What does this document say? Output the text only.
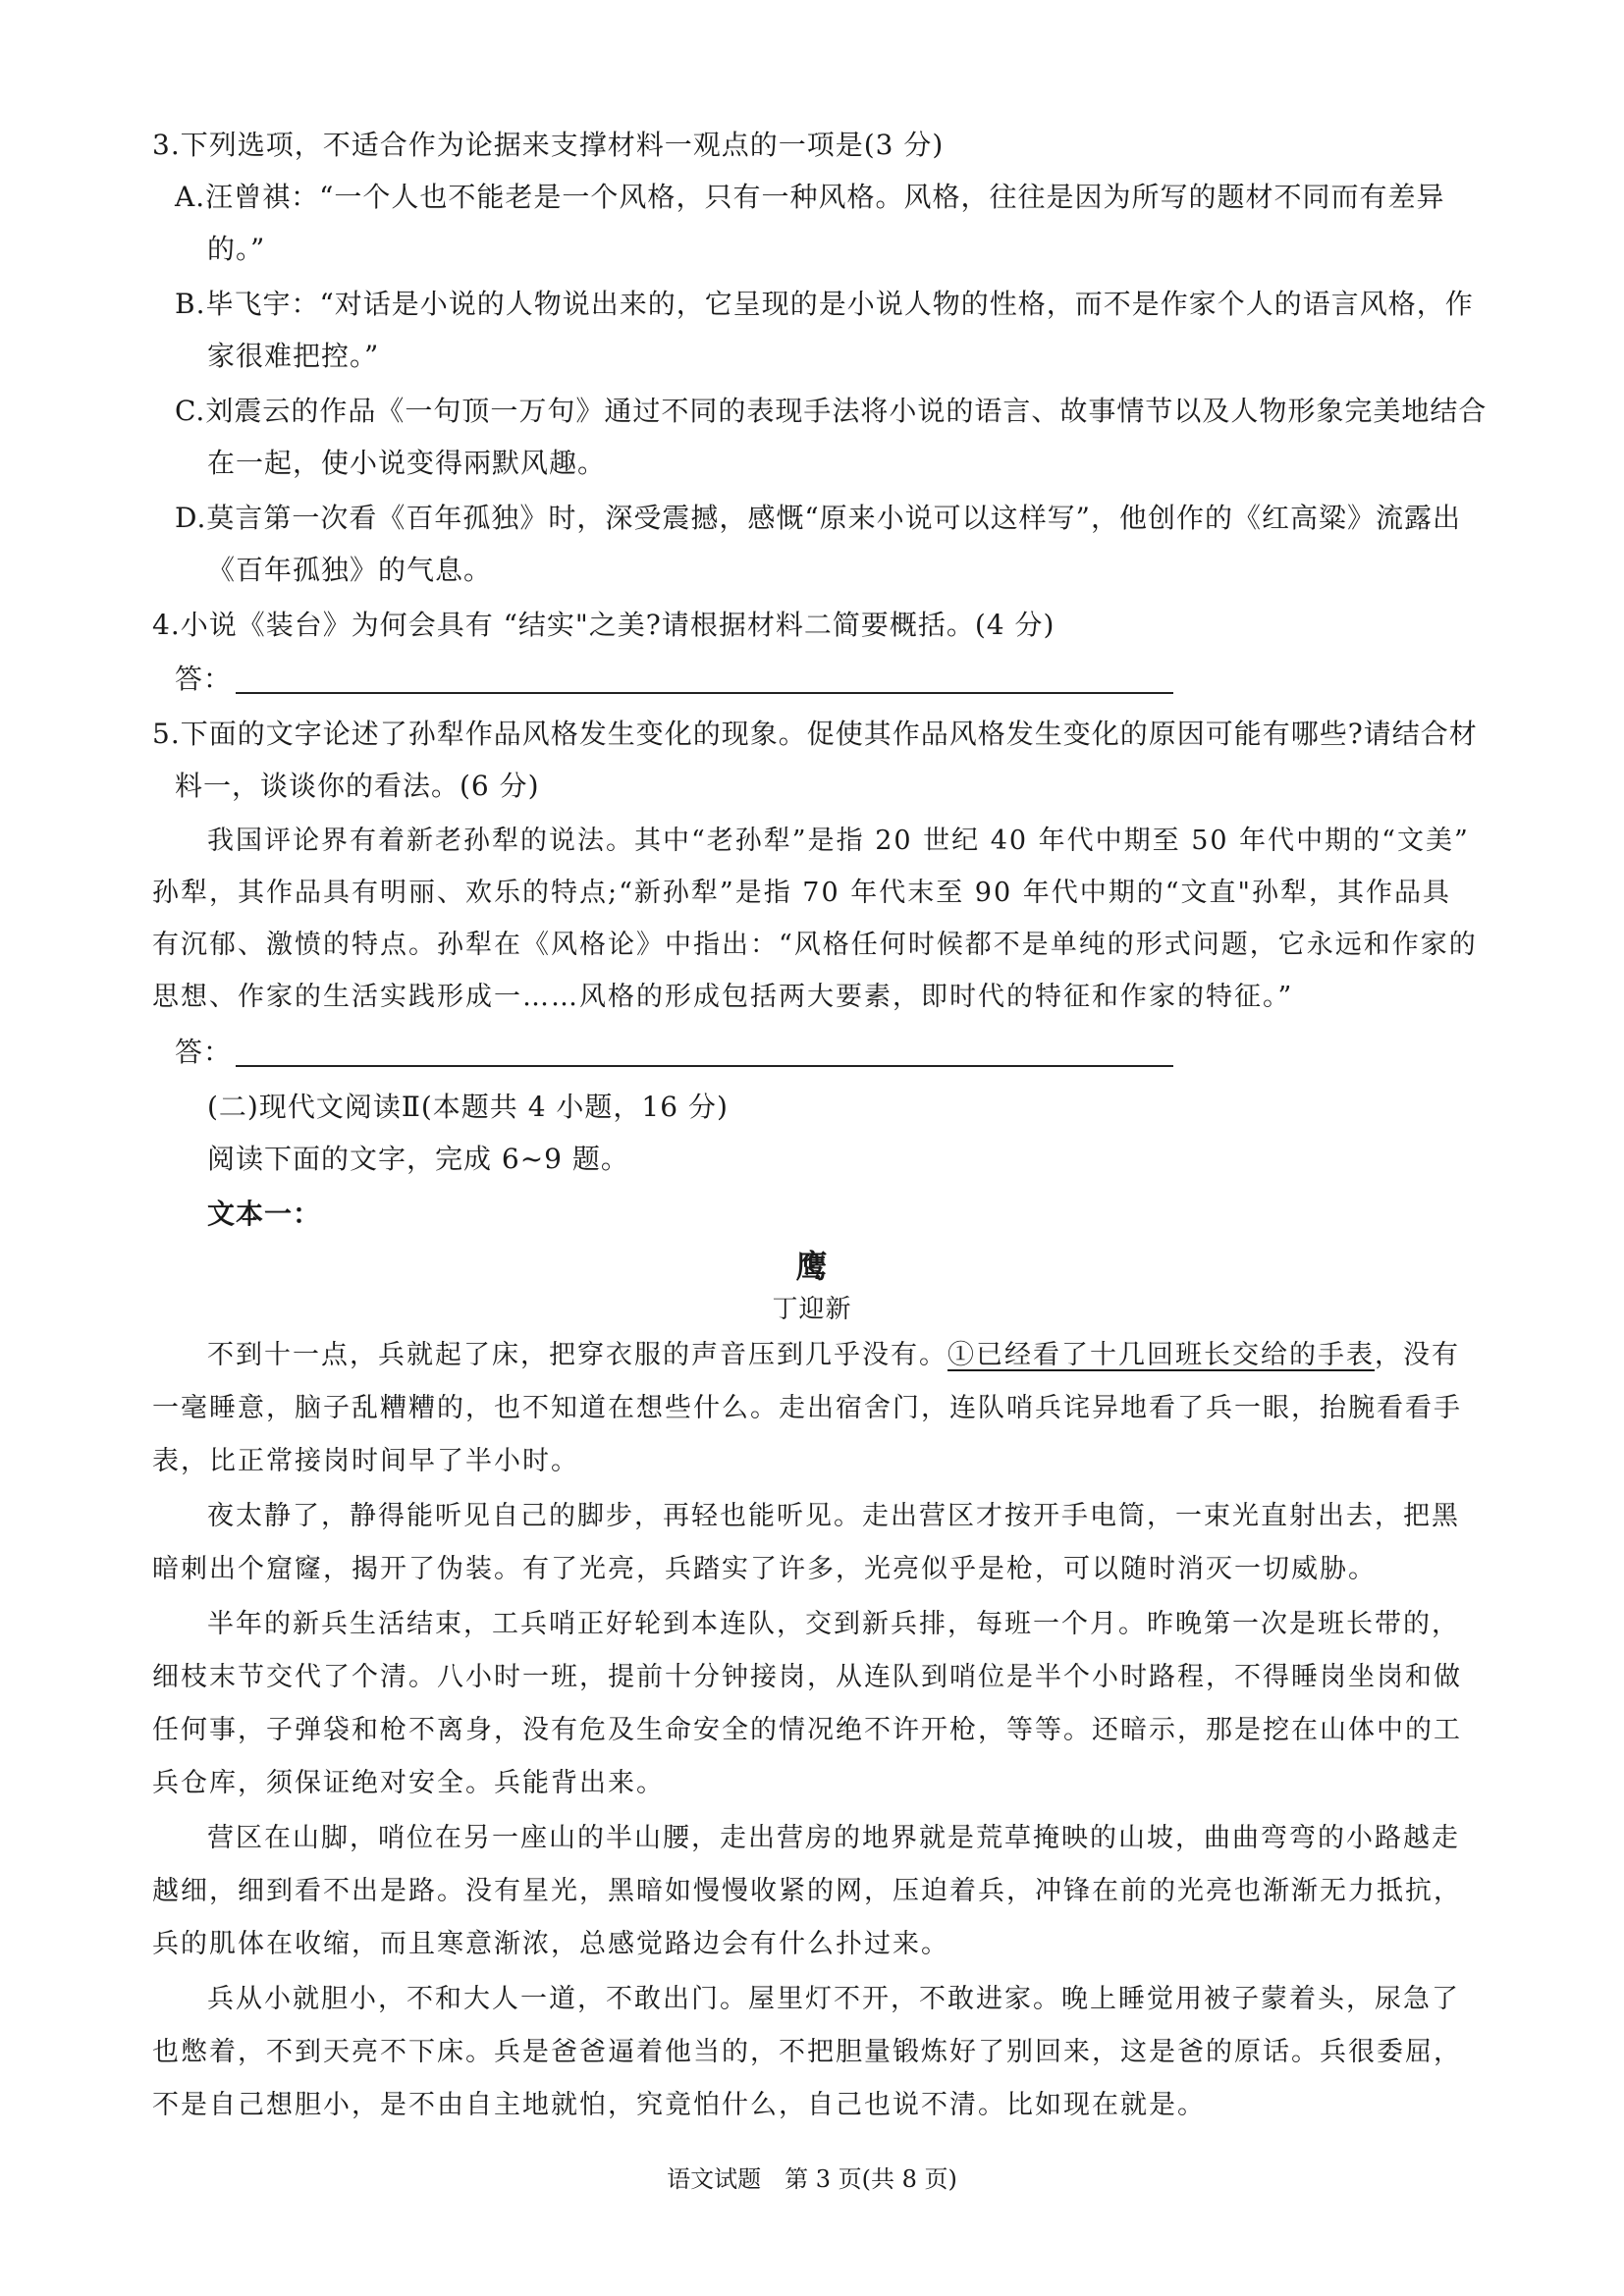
3.下列选项，不适合作为论据来支撑材料一观点的一项是(3 分)
A.汪曾祺：“一个人也不能老是一个风格，只有一种风格。风格，往往是因为所写的题材不同而有差异
的。”
B.毕飞宇：“对话是小说的人物说出来的，它呈现的是小说人物的性格，而不是作家个人的语言风格，作
家很难把控。”
C.刘震云的作品《一句顶一万句》通过不同的表现手法将小说的语言、故事情节以及人物形象完美地结合
在一起，使小说变得兩默风趣。
D.莫言第一次看《百年孤独》时，深受震撼，感慨“原来小说可以这样写”，他创作的《红高粱》流露出
《百年孤独》的气息。
4.小说《装台》为何会具有 “结实"之美?请根据材料二简要概括。(4 分)
答：
5.下面的文字论述了孙犁作品风格发生变化的现象。促使其作品风格发生变化的原因可能有哪些?请结合材
料一，谈谈你的看法。(6 分)
我国评论界有着新老孙犁的说法。其中“老孙犁”是指 20 世纪 40 年代中期至 50 年代中期的“文美”
孙犁，其作品具有明丽、欢乐的特点;“新孙犁”是指 70 年代末至 90 年代中期的“文直"孙犁，其作品具
有沉郁、激愤的特点。孙犁在《风格论》中指出：“风格任何时候都不是单纯的形式问题，它永远和作家的
思想、作家的生活实践形成一……风格的形成包括两大要素，即时代的特征和作家的特征。”
答：
(二)现代文阅读Ⅱ(本题共 4 小题，16 分)
阅读下面的文字，完成 6~9 题。
文本一：
鹰
丁迎新
不到十一点，兵就起了床，把穿衣服的声音压到几乎没有。①已经看了十几回班长交给的手表，没有
一毫睡意，脑子乱糟糟的，也不知道在想些什么。走出宿舍门，连队哨兵诧异地看了兵一眼，抬腕看看手
表，比正常接岗时间早了半小时。
夜太静了，静得能听见自己的脚步，再轻也能听见。走出营区才按开手电筒，一束光直射出去，把黑
暗刺出个窟窿，揭开了伪装。有了光亮，兵踏实了许多，光亮似乎是枪，可以随时消灭一切威胁。
半年的新兵生活结束，工兵哨正好轮到本连队，交到新兵排，每班一个月。昨晚第一次是班长带的，
细枝末节交代了个清。八小时一班，提前十分钟接岗，从连队到哨位是半个小时路程，不得睡岗坐岗和做
任何事，子弹袋和枪不离身，没有危及生命安全的情况绝不许开枪，等等。还暗示，那是挖在山体中的工
兵仓库，须保证绝对安全。兵能背出来。
营区在山脚，哨位在另一座山的半山腰，走出营房的地界就是荒草掩映的山坡，曲曲弯弯的小路越走
越细，细到看不出是路。没有星光，黑暗如慢慢收紧的网，压迫着兵，冲锋在前的光亮也渐渐无力抵抗，
兵的肌体在收缩，而且寒意渐浓，总感觉路边会有什么扑过来。
兵从小就胆小，不和大人一道，不敢出门。屋里灯不开，不敢进家。晚上睡觉用被子蒙着头，尿急了
也憋着，不到天亮不下床。兵是爸爸逼着他当的，不把胆量锻炼好了别回来，这是爸的原话。兵很委屈，
不是自己想胆小，是不由自主地就怕，究竟怕什么，自己也说不清。比如现在就是。
语文试题　第 3 页(共 8 页)
